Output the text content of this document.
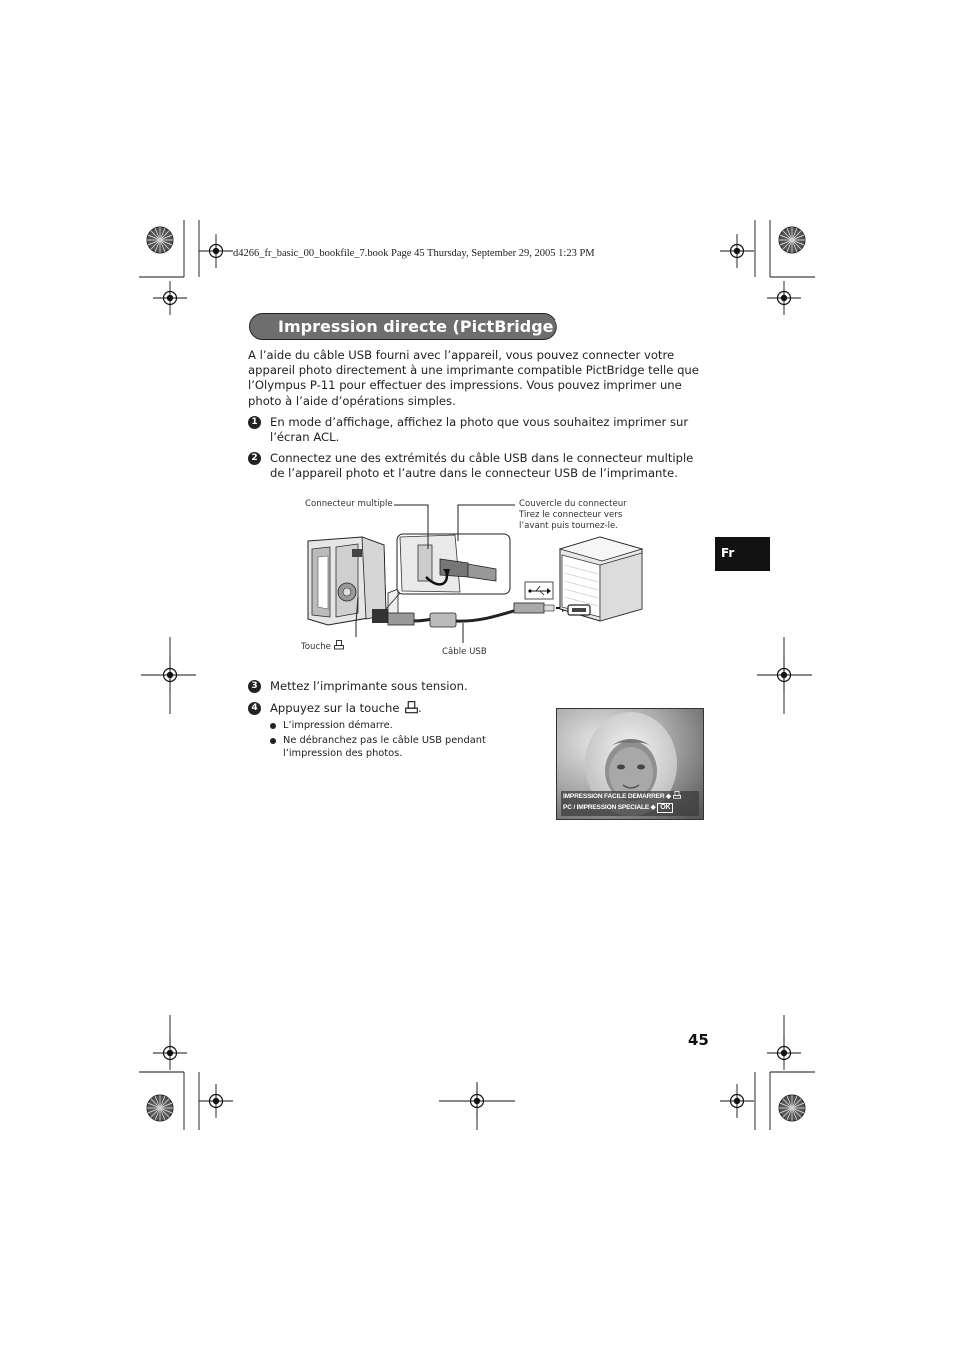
d4266_fr_basic_00_bookfile_7.book Page 45 Thursday, September 29, 2005 1:23 PM
Impression directe (PictBridge)
A l’aide du câble USB fourni avec l’appareil, vous pouvez connecter votre appareil photo directement à une imprimante compatible PictBridge telle que l’Olympus P-11 pour effectuer des impressions. Vous pouvez imprimer une photo à l’aide d’opérations simples.
1 En mode d’affichage, affichez la photo que vous souhaitez imprimer sur l’écran ACL.
2 Connectez une des extrémités du câble USB dans le connecteur multiple de l’appareil photo et l’autre dans le connecteur USB de l’imprimante.
Connecteur multiple	Couvercle du connecteur
Tirez le connecteur vers
l’avant puis tournez-le.
Touche	Câble USB
3 Mettez l’imprimante sous tension.
4 Appuyez sur la touche .
L’impression démarre.
Ne débranchez pas le câble USB pendant l’impression des photos.
IMPRESSION FACILE DEMARRER ◆
PC / IMPRESSION SPECIALE ◆ OK
Fr
45
